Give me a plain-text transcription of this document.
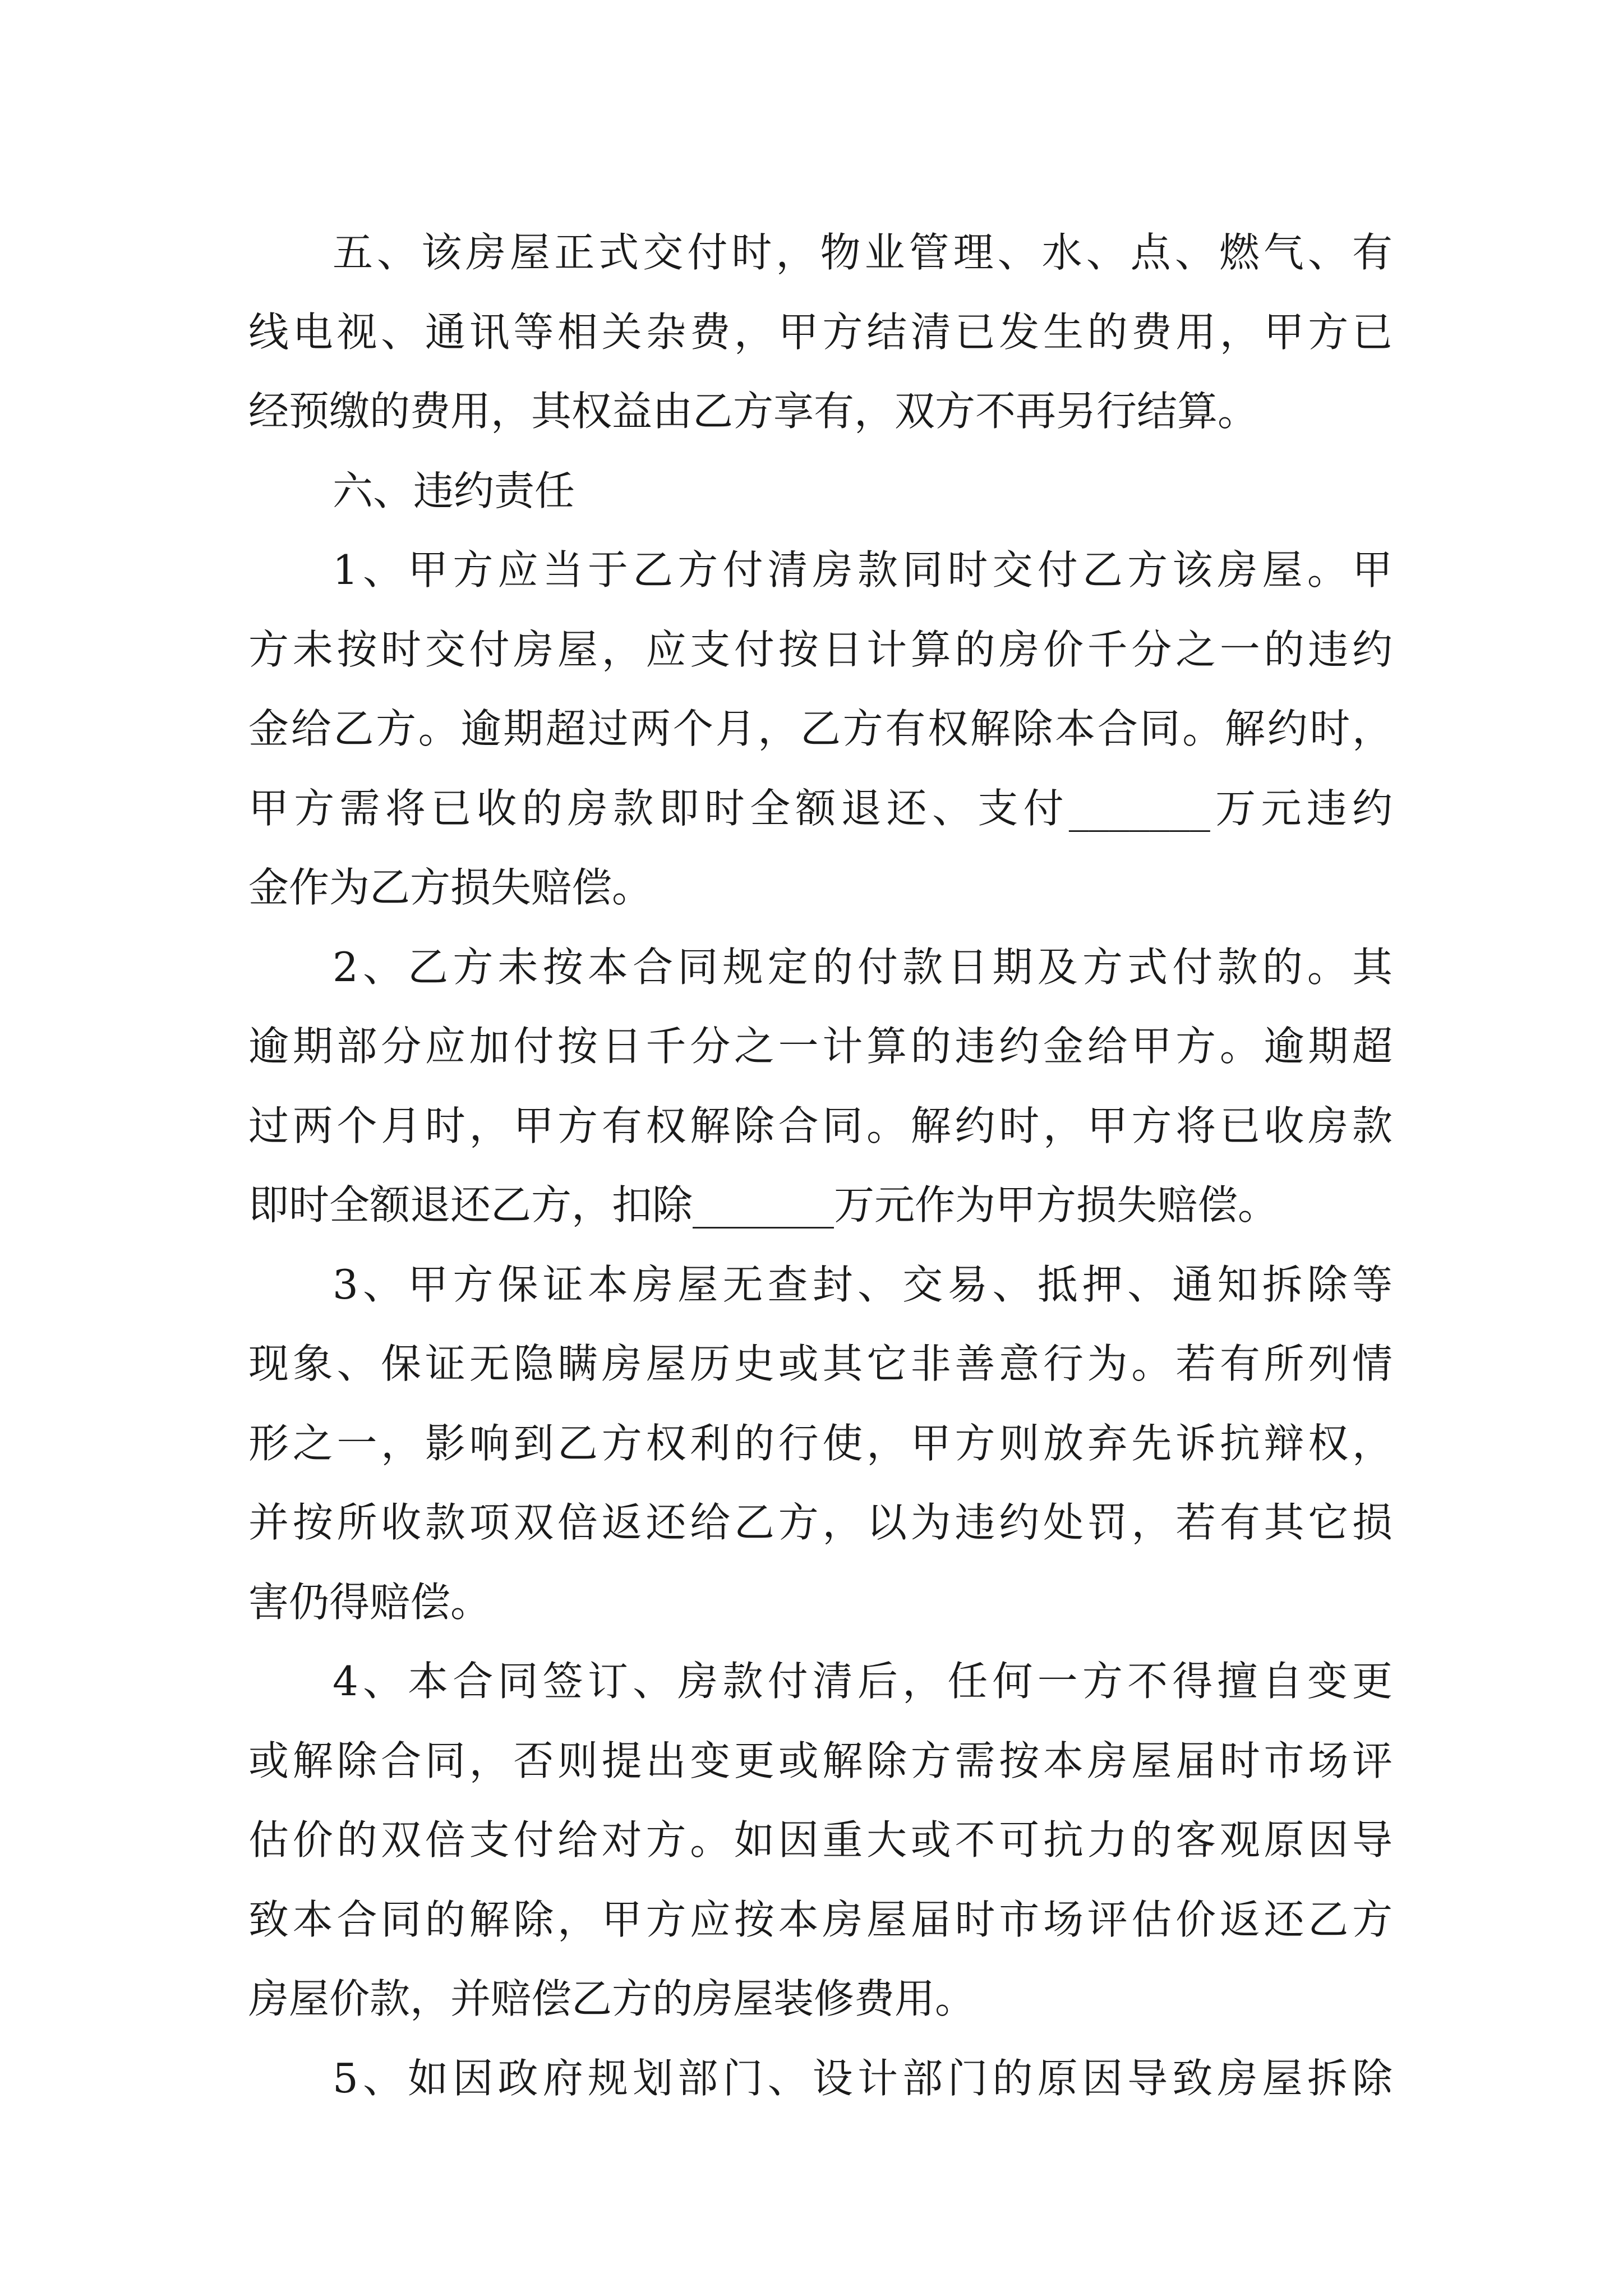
五、该房屋正式交付时，物业管理、水、点、燃气、有
线电视、通讯等相关杂费，甲方结清已发生的费用，甲方已
经预缴的费用，其权益由乙方享有，双方不再另行结算。
六、违约责任
1、甲方应当于乙方付清房款同时交付乙方该房屋。甲
方未按时交付房屋，应支付按日计算的房价千分之一的违约
金给乙方。逾期超过两个月，乙方有权解除本合同。解约时，
甲方需将已收的房款即时全额退还、支付_______万元违约
金作为乙方损失赔偿。
2、乙方未按本合同规定的付款日期及方式付款的。其
逾期部分应加付按日千分之一计算的违约金给甲方。逾期超
过两个月时，甲方有权解除合同。解约时，甲方将已收房款
即时全额退还乙方，扣除_______万元作为甲方损失赔偿。
3、甲方保证本房屋无查封、交易、抵押、通知拆除等
现象、保证无隐瞒房屋历史或其它非善意行为。若有所列情
形之一，影响到乙方权利的行使，甲方则放弃先诉抗辩权，
并按所收款项双倍返还给乙方，以为违约处罚，若有其它损
害仍得赔偿。
4、本合同签订、房款付清后，任何一方不得擅自变更
或解除合同，否则提出变更或解除方需按本房屋届时市场评
估价的双倍支付给对方。如因重大或不可抗力的客观原因导
致本合同的解除，甲方应按本房屋届时市场评估价返还乙方
房屋价款，并赔偿乙方的房屋装修费用。
5、如因政府规划部门、设计部门的原因导致房屋拆除
